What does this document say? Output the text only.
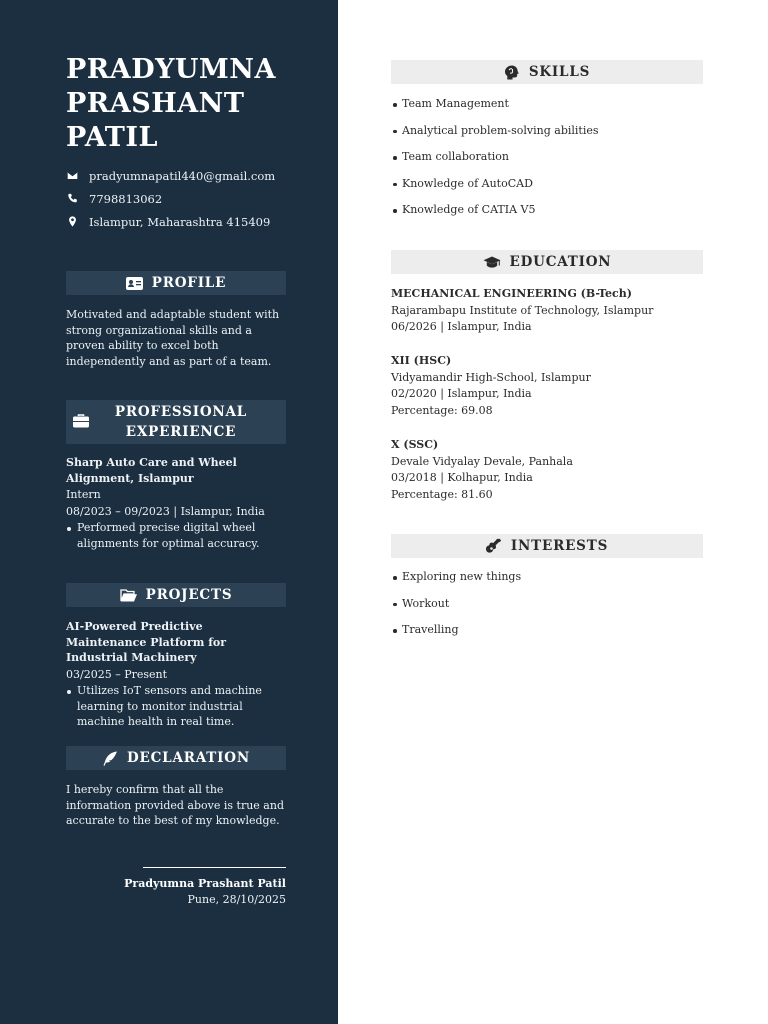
PRADYUMNA
PRASHANT
PATIL
pradyumnapatil440@gmail.com
7798813062
Islampur, Maharashtra 415409
PROFILE

Motivated and adaptable student with strong organizational skills and a proven ability to excel both independently and as part of a team.

PROFESSIONAL
EXPERIENCE
Sharp Auto Care and Wheel Alignment, Islampur
Intern
08/2023 – 09/2023 | Islampur, India
Performed precise digital wheel alignments for optimal accuracy.
PROJECTS
AI-Powered Predictive Maintenance Platform for Industrial Machinery
03/2025 – Present
Utilizes IoT sensors and machine learning to monitor industrial machine health in real time.
DECLARATION

I hereby confirm that all the information provided above is true and accurate to the best of my knowledge.

Pradyumna Prashant Patil
Pune, 28/10/2025
SKILLS
Team Management
Analytical problem-solving abilities
Team collaboration
Knowledge of AutoCAD
Knowledge of CATIA V5
EDUCATION
MECHANICAL ENGINEERING (B-Tech)
Rajarambapu Institute of Technology, Islampur
06/2026 | Islampur, India
XII (HSC)
Vidyamandir High-School, Islampur
02/2020 | Islampur, India
Percentage: 69.08
X (SSC)
Devale Vidyalay Devale, Panhala
03/2018 | Kolhapur, India
Percentage: 81.60
INTERESTS
Exploring new things
Workout
Travelling
